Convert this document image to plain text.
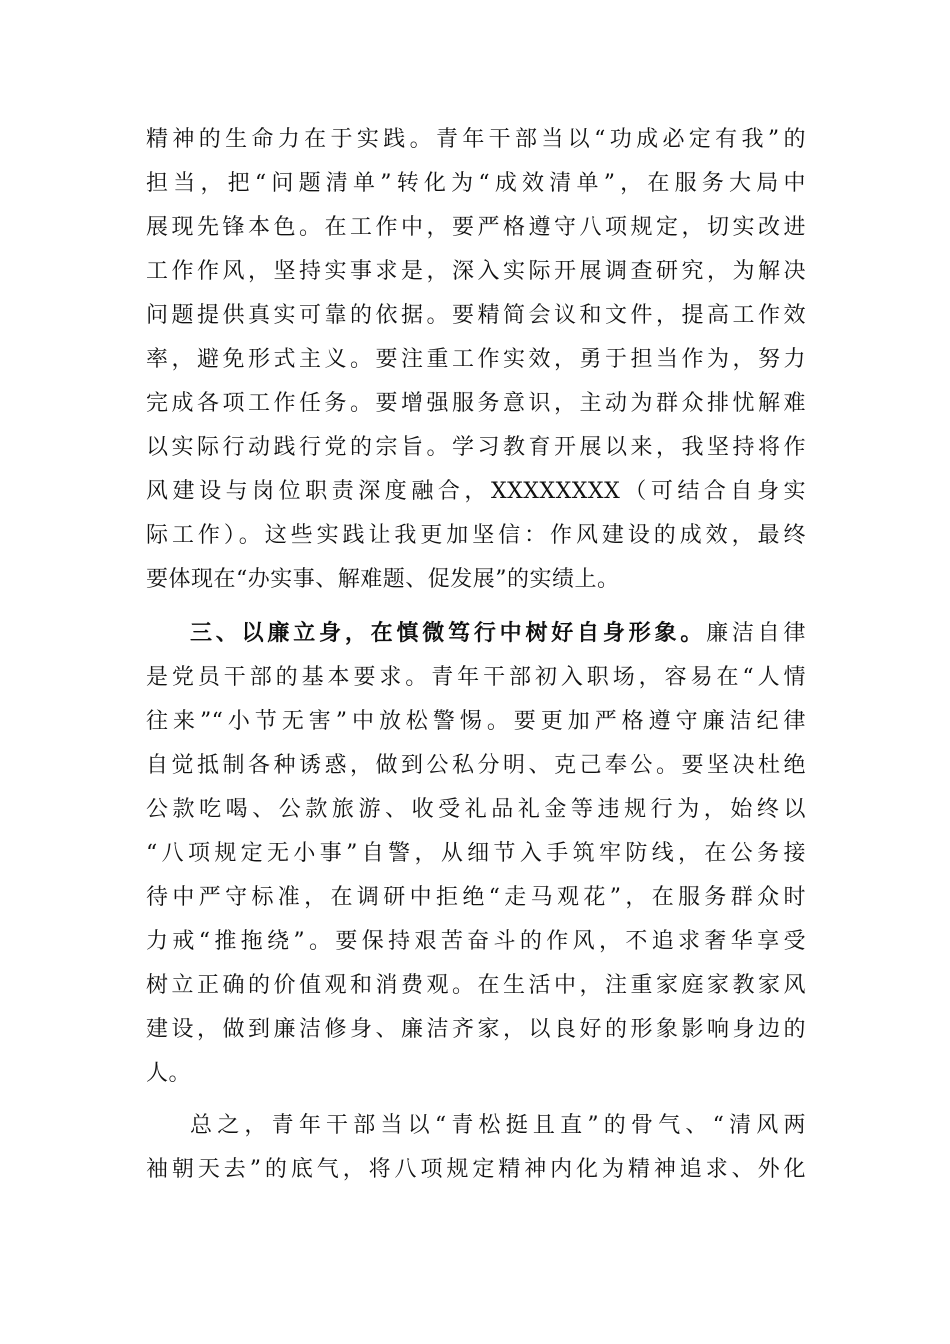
精神的生命力在于实践。青年干部当以“功成必定有我”的
担当，把“问题清单”转化为“成效清单”，在服务大局中
展现先锋本色。在工作中，要严格遵守八项规定，切实改进
工作作风，坚持实事求是，深入实际开展调查研究，为解决
问题提供真实可靠的依据。要精简会议和文件，提高工作效
率，避免形式主义。要注重工作实效，勇于担当作为，努力
完成各项工作任务。要增强服务意识，主动为群众排忧解难
以实际行动践行党的宗旨。学习教育开展以来，我坚持将作
风建设与岗位职责深度融合，XXXXXXXX（可结合自身实
际工作）。这些实践让我更加坚信：作风建设的成效，最终
要体现在“办实事、解难题、促发展”的实绩上。
三、以廉立身，在慎微笃行中树好自身形象。廉洁自律
是党员干部的基本要求。青年干部初入职场，容易在“人情
往来”“小节无害”中放松警惕。要更加严格遵守廉洁纪律
自觉抵制各种诱惑，做到公私分明、克己奉公。要坚决杜绝
公款吃喝、公款旅游、收受礼品礼金等违规行为，始终以
“八项规定无小事”自警，从细节入手筑牢防线，在公务接
待中严守标准，在调研中拒绝“走马观花”，在服务群众时
力戒“推拖绕”。要保持艰苦奋斗的作风，不追求奢华享受
树立正确的价值观和消费观。在生活中，注重家庭家教家风
建设，做到廉洁修身、廉洁齐家，以良好的形象影响身边的
人。
总之，青年干部当以“青松挺且直”的骨气、“清风两
袖朝天去”的底气，将八项规定精神内化为精神追求、外化
